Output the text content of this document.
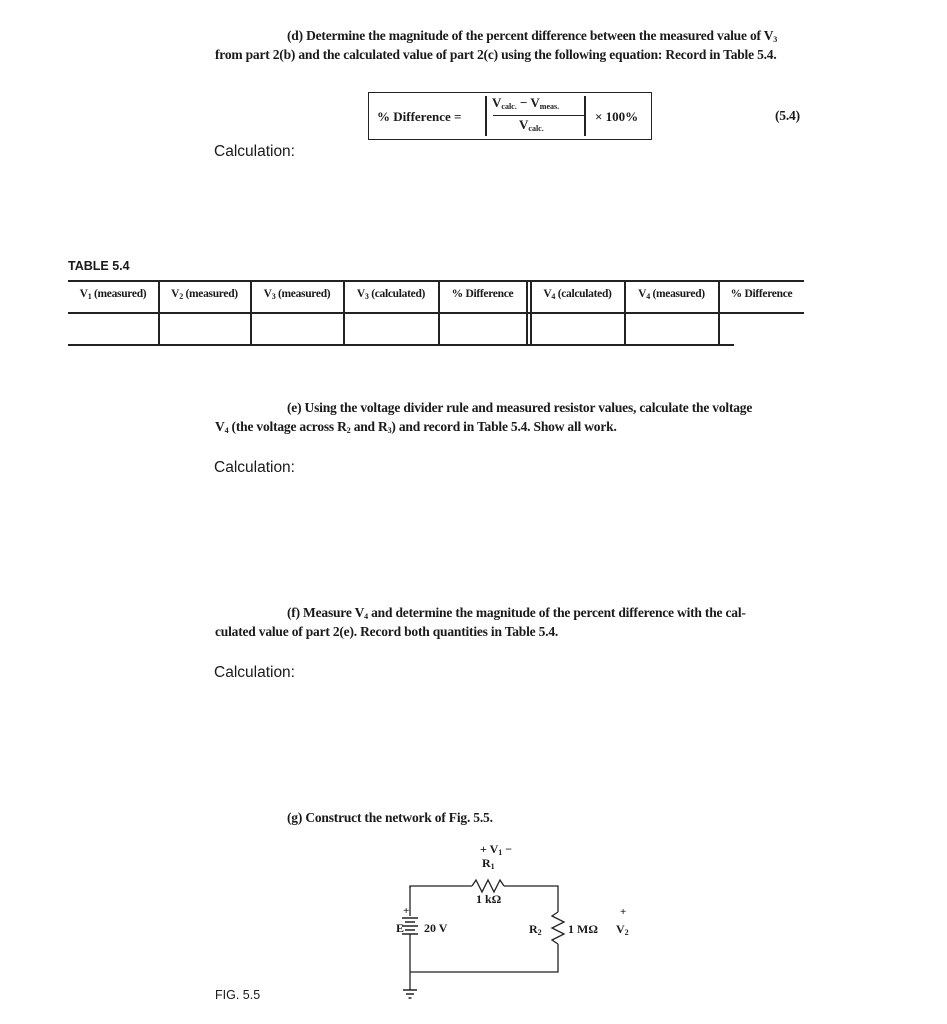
(d) Determine the magnitude of the percent difference between the measured value of $V_3$
from part 2(b) and the calculated value of part 2(c) using the following equation: Record in Table 5.4.
% Difference =
$V_{calc.} - V_{meas.}$
$V_{calc.}$
× 100%	(5.4)
Calculation:
TABLE 5.4
$V_1$ (measured)	$V_2$ (measured)	$V_3$ (measured)	$V_3$ (calculated)	% Difference	$V_4$ (calculated)	$V_4$ (measured)	% Difference
(e) Using the voltage divider rule and measured resistor values, calculate the voltage
$V_4$ (the voltage across $R_2$ and $R_3$) and record in Table 5.4. Show all work.
Calculation:
(f) Measure $V_4$ and determine the magnitude of the percent difference with the cal-
culated value of part 2(e). Record both quantities in Table 5.4.
Calculation:
(g) Construct the network of Fig. 5.5.
+ $V_1$ −
$R_1$
1 kΩ
+
E 20 V	$R_2$ 1 MΩ
+
$V_2$
FIG. 5.5
